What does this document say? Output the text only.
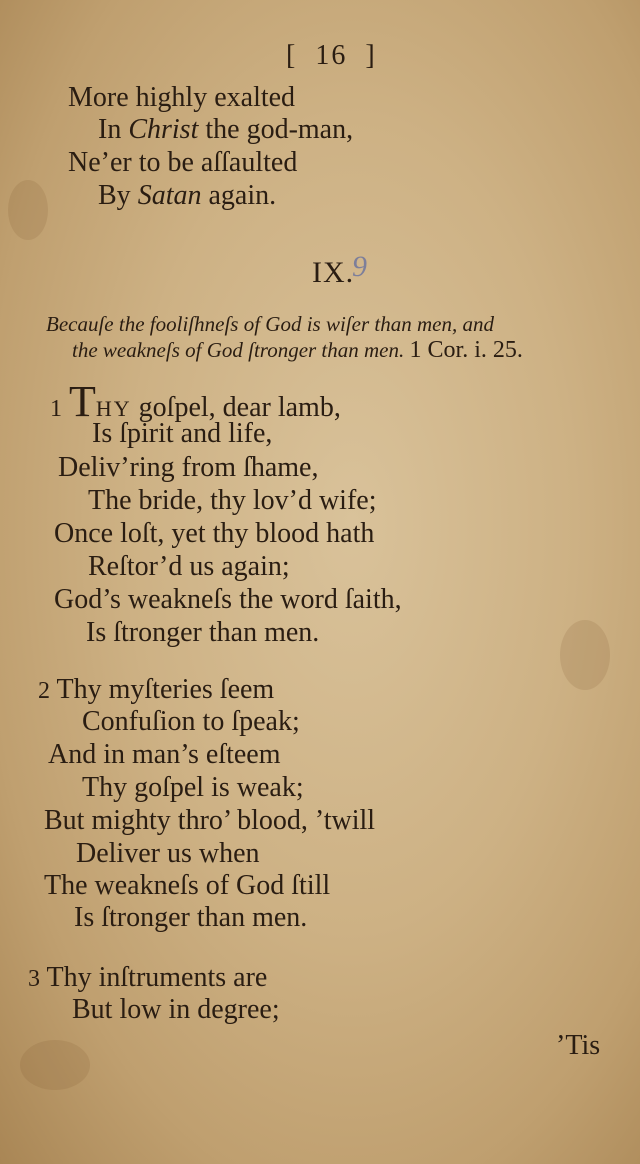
[ 16 ]
More highly exalted
In Christ the god-man,
Ne’er to be aſſaulted
By Satan again.
IX.
9
Becauſe the fooliſhneſs of God is wiſer than men, and
the weakneſs of God ſtronger than men. 1 Cor. i. 25.
1 THY goſpel, dear lamb,
Is ſpirit and life,
Deliv’ring from ſhame,
The bride, thy lov’d wife;
Once loſt, yet thy blood hath
Reſtor’d us again;
God’s weakneſs the word ſaith,
Is ſtronger than men.
2 Thy myſteries ſeem
Confuſion to ſpeak;
And in man’s eſteem
Thy goſpel is weak;
But mighty thro’ blood, ’twill
Deliver us when
The weakneſs of God ſtill
Is ſtronger than men.
3 Thy inſtruments are
But low in degree;
’Tis
